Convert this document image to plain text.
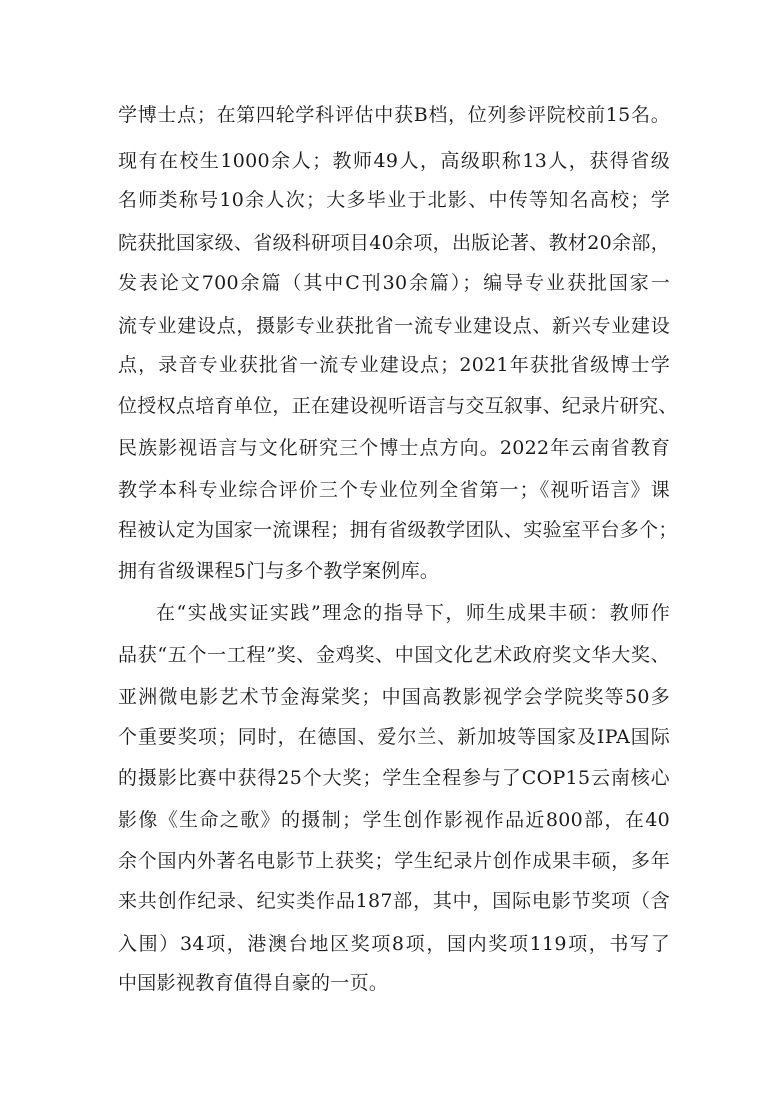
学博士点；在第四轮学科评估中获B档，位列参评院校前15名。
现有在校生1000余人；教师49人，高级职称13人，获得省级
名师类称号10余人次；大多毕业于北影、中传等知名高校；学
院获批国家级、省级科研项目40余项，出版论著、教材20余部，
发表论文700余篇（其中C刊30余篇）；编导专业获批国家一
流专业建设点，摄影专业获批省一流专业建设点、新兴专业建设
点，录音专业获批省一流专业建设点；2021年获批省级博士学
位授权点培育单位，正在建设视听语言与交互叙事、纪录片研究、
民族影视语言与文化研究三个博士点方向。2022年云南省教育
教学本科专业综合评价三个专业位列全省第一；《视听语言》课
程被认定为国家一流课程；拥有省级教学团队、实验室平台多个；
拥有省级课程5门与多个教学案例库。
在“实战实证实践”理念的指导下，师生成果丰硕：教师作
品获“五个一工程”奖、金鸡奖、中国文化艺术政府奖文华大奖、
亚洲微电影艺术节金海棠奖；中国高教影视学会学院奖等50多
个重要奖项；同时，在德国、爱尔兰、新加坡等国家及IPA国际
的摄影比赛中获得25个大奖；学生全程参与了COP15云南核心
影像《生命之歌》的摄制；学生创作影视作品近800部，在40
余个国内外著名电影节上获奖；学生纪录片创作成果丰硕，多年
来共创作纪录、纪实类作品187部，其中，国际电影节奖项（含
入围）34项，港澳台地区奖项8项，国内奖项119项，书写了
中国影视教育值得自豪的一页。
